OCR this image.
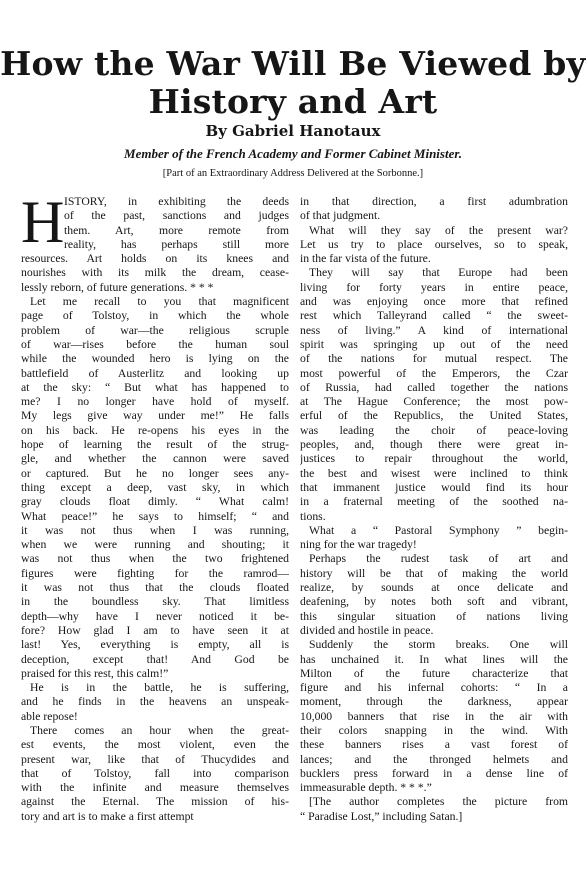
How the War Will Be Viewed by
History and Art
By Gabriel Hanotaux
Member of the French Academy and Former Cabinet Minister.
[Part of an Extraordinary Address Delivered at the Sorbonne.]
H ISTORY, in exhibiting the deeds
of the past, sanctions and judges
them. Art, more remote from
reality, has perhaps still more
resources. Art holds on its knees and
nourishes with its milk the dream, cease-
lessly reborn, of future generations. * * *
Let me recall to you that magnificent
page of Tolstoy, in which the whole
problem of war—the religious scruple
of war—rises before the human soul
while the wounded hero is lying on the
battlefield of Austerlitz and looking up
at the sky: “ But what has happened to
me? I no longer have hold of myself.
My legs give way under me!” He falls
on his back. He re-opens his eyes in the
hope of learning the result of the strug-
gle, and whether the cannon were saved
or captured. But he no longer sees any-
thing except a deep, vast sky, in which
gray clouds float dimly. “ What calm!
What peace!” he says to himself; “ and
it was not thus when I was running,
when we were running and shouting; it
was not thus when the two frightened
figures were fighting for the ramrod—
it was not thus that the clouds floated
in the boundless sky. That limitless
depth—why have I never noticed it be-
fore? How glad I am to have seen it at
last! Yes, everything is empty, all is
deception, except that! And God be
praised for this rest, this calm!”
He is in the battle, he is suffering,
and he finds in the heavens an unspeak-
able repose!
There comes an hour when the great-
est events, the most violent, even the
present war, like that of Thucydides and
that of Tolstoy, fall into comparison
with the infinite and measure themselves
against the Eternal. The mission of his-
tory and art is to make a first attempt
in that direction, a first adumbration
of that judgment.
What will they say of the present war?
Let us try to place ourselves, so to speak,
in the far vista of the future.
They will say that Europe had been
living for forty years in entire peace,
and was enjoying once more that refined
rest which Talleyrand called “ the sweet-
ness of living.” A kind of international
spirit was springing up out of the need
of the nations for mutual respect. The
most powerful of the Emperors, the Czar
of Russia, had called together the nations
at The Hague Conference; the most pow-
erful of the Republics, the United States,
was leading the choir of peace-loving
peoples, and, though there were great in-
justices to repair throughout the world,
the best and wisest were inclined to think
that immanent justice would find its hour
in a fraternal meeting of the soothed na-
tions.
What a “ Pastoral Symphony ” begin-
ning for the war tragedy!
Perhaps the rudest task of art and
history will be that of making the world
realize, by sounds at once delicate and
deafening, by notes both soft and vibrant,
this singular situation of nations living
divided and hostile in peace.
Suddenly the storm breaks. One will
has unchained it. In what lines will the
Milton of the future characterize that
figure and his infernal cohorts: “ In a
moment, through the darkness, appear
10,000 banners that rise in the air with
their colors snapping in the wind. With
these banners rises a vast forest of
lances; and the thronged helmets and
bucklers press forward in a dense line of
immeasurable depth. * * *.”
[The author completes the picture from
“ Paradise Lost,” including Satan.]
